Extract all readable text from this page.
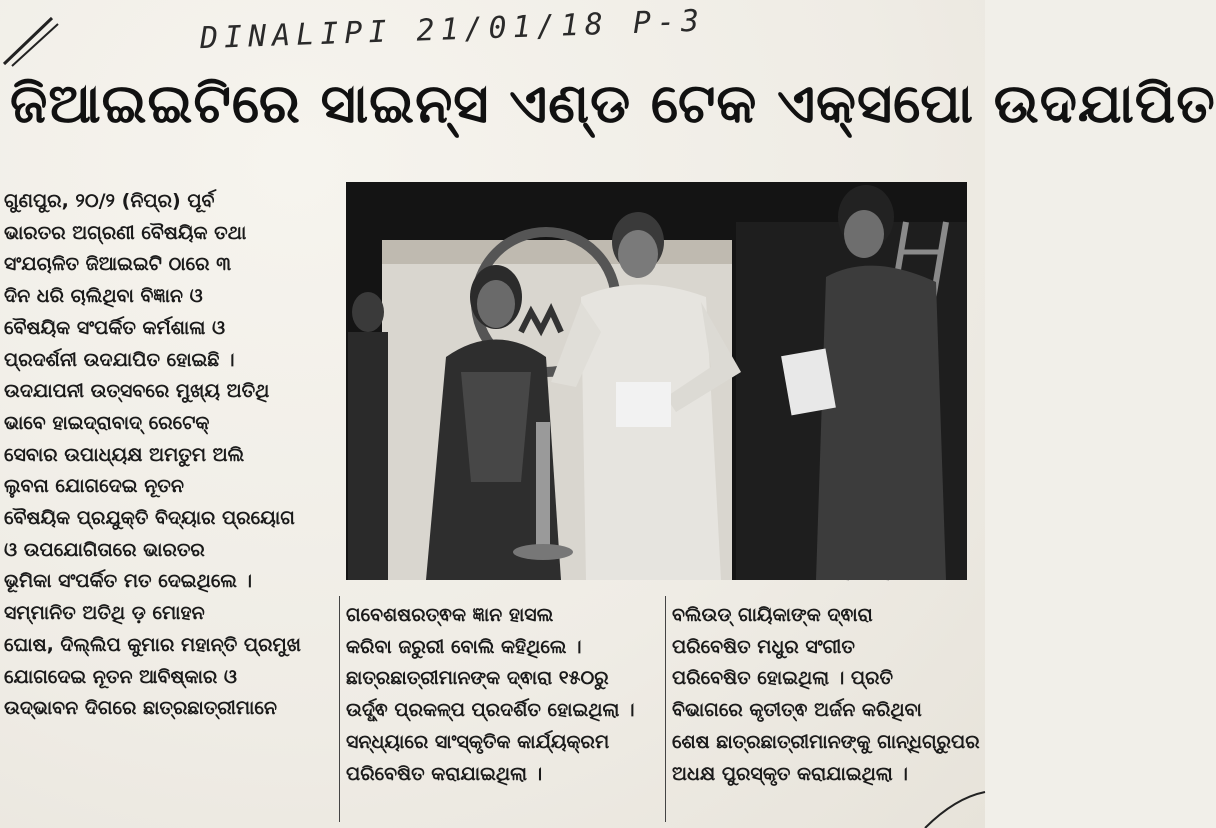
DINALIPI 21/01/18 P-3
ଜିଆଇଇଟିରେ ସାଇନ୍ସ ଏଣ୍ଡ ଟେକ ଏକ୍ସପୋ ଉଦଯାପିତ
ଗୁଣପୁର, ୨୦/୨ (ନିପ୍ର) ପୂର୍ବ
ଭାରତର ଅଗ୍ରଣୀ ବୈଷୟିକ ତଥା
ସଂଯଚାଳିତ ଜିଆଇଇଟି ଠାରେ ୩
ଦିନ ଧରି ଚାଲିଥିବା ବିଜ୍ଞାନ ଓ
ବୈଷୟିକ ସଂପର୍କିତ କର୍ମଶାଳା ଓ
ପ୍ରଦର୍ଶନୀ ଉଦଯାପିତ ହୋଇଛି ।
ଉଦଯାପନୀ ଉତ୍ସବରେ ମୁଖ୍ୟ ଅତିଥି
ଭାବେ ହାଇଦ୍ରାବାଦ୍ ରେଟେକ୍
ସେବାର ଉପାଧ୍ୟକ୍ଷ ଅମତୁମ ଅଲି
ଲୁବନା ଯୋଗଦେଇ ନୂତନ
ବୈଷୟିକ ପ୍ରଯୁକ୍ତି ବିଦ୍ୟାର ପ୍ରୟୋଗ
ଓ ଉପଯୋଗିତାରେ ଭାରତର
ଭୂମିକା ସଂପର୍କିତ ମତ ଦେଇଥିଲେ ।
ସମ୍ମାନିତ ଅତିଥି ଡ଼ ମୋହନ
ଘୋଷ, ଦିଲ୍ଲିପ କୁମାର ମହାନ୍ତି ପ୍ରମୁଖ
ଯୋଗଦେଇ ନୂତନ ଆବିଷ୍କାର ଓ
ଉଦ୍ଭାବନ ଦିଗରେ ଛାତ୍ରଛାତ୍ରୀମାନେ
ଗବେଶଷରତ୍ଵକ ଜ୍ଞାନ ହାସଲ
କରିବା ଜରୁରୀ ବୋଲି କହିଥିଲେ ।
ଛାତ୍ରଛାତ୍ରୀମାନଙ୍କ ଦ୍ଵାରା ୧୫୦ରୁ
ଉର୍ଦ୍ଧ୍ଵ ପ୍ରକଳ୍ପ ପ୍ରଦର୍ଶିତ ହୋଇଥିଲା ।
ସନ୍ଧ୍ୟାରେ ସାଂସ୍କୃତିକ କାର୍ଯ୍ୟକ୍ରମ
ପରିବେଷିତ କରାଯାଇଥିଲା ।
ବଲିଉଡ୍ ଗାୟିକାଙ୍କ ଦ୍ଵାରା
ପରିବେଷିତ ମଧୁର ସଂଗୀତ
ପରିବେଷିତ ହୋଇଥିଲା । ପ୍ରତି
ବିଭାଗରେ କୃତୀତ୍ଵ ଅର୍ଜନ କରିଥିବା
ଶେଷ ଛାତ୍ରଛାତ୍ରୀମାନଙ୍କୁ ଗାନ୍ଧିଗ୍ରୁପର
ଅଧକ୍ଷ ପୁରସ୍କୃତ କରାଯାଇଥିଲା ।
